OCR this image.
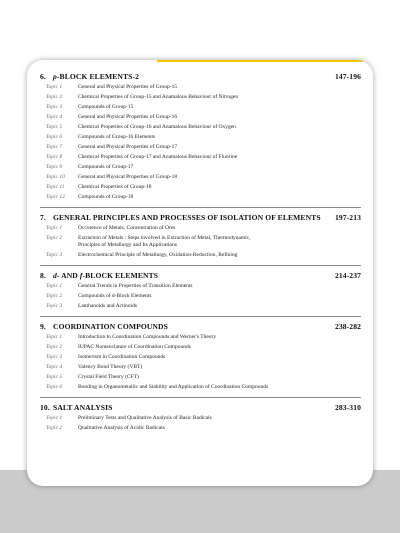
6. p-BLOCK ELEMENTS-2	147-196
Topic 1	General and Physical Properties of Group-15
Topic 2	Chemical Properties of Group-15 and Anamalous Behaviour of Nitrogen
Topic 3	Compounds of Group-15
Topic 4	General and Physical Properties of Group-16
Topic 5	Chemical Properties of Group-16 and Anamalous Behaviour of Oxygen
Topic 6	Compounds of Group-16 Elements
Topic 7	General and Physical Properties of Group-17
Topic 8	Chemical Properties of Group-17 and Anamalous Behaviour of Fluorine
Topic 9	Compounds of Group-17
Topic 10	General and Physical Properties of Group-18
Topic 11	Chemical Properties of Group-18
Topic 12	Compounds of Group-18
7. GENERAL PRINCIPLES AND PROCESSES OF ISOLATION OF ELEMENTS	197-213
Topic 1	Occurence of Metals, Concentration of Ores
Topic 2	Extraction of Metals : Steps involved in Extraction of Metal, Thermodynamic,
Principles of Metallurgy and Its Applications
Topic 3	Electrochemical Principle of Metallurgy, Oxidation-Reduction, Refining
8. d- AND f-BLOCK ELEMENTS	214-237
Topic 1	General Trends in Properties of Transition Elements
Topic 2	Compounds of d-Block Elements
Topic 3	Lanthanoids and Actinoids
9. COORDINATION COMPOUNDS	238-282
Topic 1	Introduction to Coordination Compounds and Werner's Theory
Topic 2	IUPAC Nomenclature of Coordination Compounds
Topic 3	Isomerism in Coordination Compounds
Topic 4	Valency Bond Theory (VBT)
Topic 5	Crystal Field Theory (CFT)
Topic 6	Bonding in Organometallic and Stability and Application of Coordination Compounds
10. SALT ANALYSIS	283-310
Topic 1	Preliminary Tests and Qualitative Analysis of Basic Radicals
Topic 2	Qualitative Analysis of Acidic Radicals
